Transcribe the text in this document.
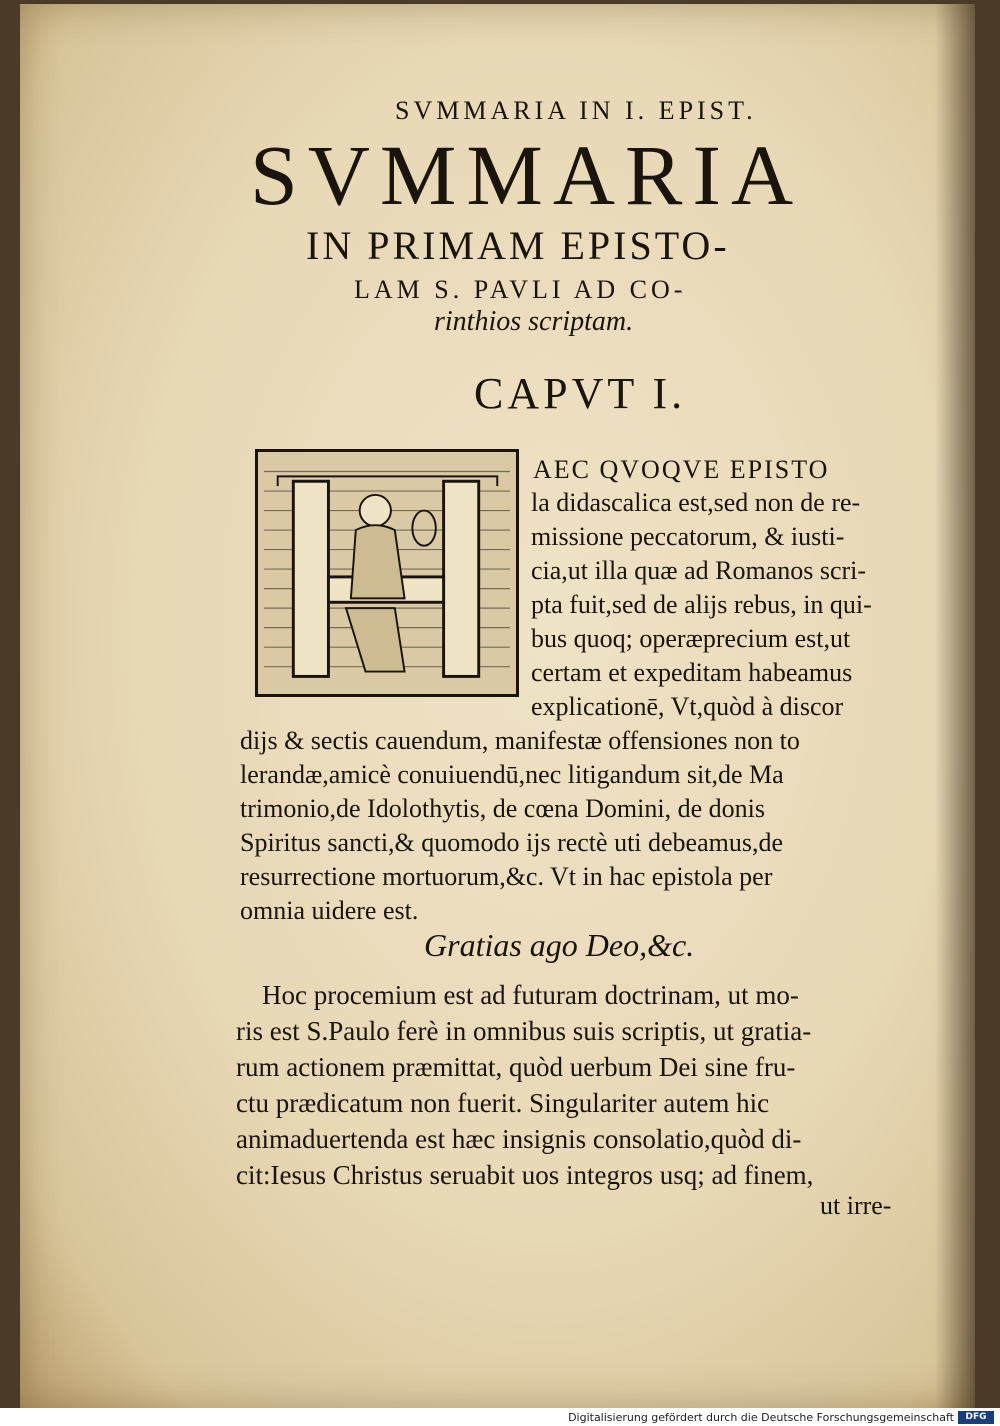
SVMMARIA IN I. EPIST.
SVMMARIA
IN PRIMAM EPISTO-
LAM S. PAVLI AD CO-
rinthios scriptam.
CAPVT I.
AEC QVOQVE EPISTO
la didascalica est,sed non de re-
missione peccatorum, & iusti-
cia,ut illa quæ ad Romanos scri-
pta fuit,sed de alijs rebus, in qui-
bus quoq; operæprecium est,ut
certam et expeditam habeamus
explicationē, Vt,quòd à discor
dijs & sectis cauendum, manifestæ offensiones non to
lerandæ,amicè conuiuendū,nec litigandum sit,de Ma
trimonio,de Idolothytis, de cœna Domini, de donis
Spiritus sancti,& quomodo ijs rectè uti debeamus,de
resurrectione mortuorum,&c. Vt in hac epistola per
omnia uidere est.
Gratias ago Deo,&c.
Hoc procemium est ad futuram doctrinam, ut mo-
ris est S.Paulo ferè in omnibus suis scriptis, ut gratia-
rum actionem præmittat, quòd uerbum Dei sine fru-
ctu prædicatum non fuerit. Singulariter autem hic
animaduertenda est hæc insignis consolatio,quòd di-
cit:Iesus Christus seruabit uos integros usq; ad finem,
ut irre-
Digitalisierung gefördert durch die Deutsche Forschungsgemeinschaft	DFG
